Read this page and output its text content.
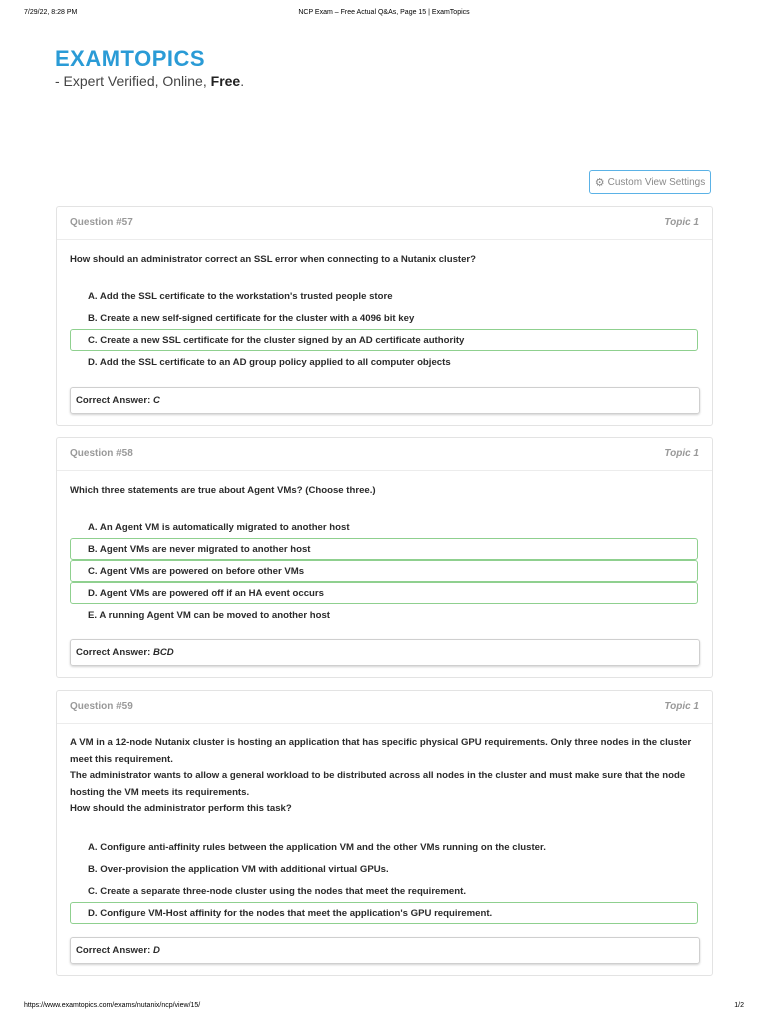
7/29/22, 8:28 PM	NCP Exam – Free Actual Q&As, Page 15 | ExamTopics
EXAMTOPICS
- Expert Verified, Online, Free.
⚙ Custom View Settings
Question #57	Topic 1
How should an administrator correct an SSL error when connecting to a Nutanix cluster?
A. Add the SSL certificate to the workstation's trusted people store
B. Create a new self-signed certificate for the cluster with a 4096 bit key
C. Create a new SSL certificate for the cluster signed by an AD certificate authority
D. Add the SSL certificate to an AD group policy applied to all computer objects
Correct Answer: C
Question #58	Topic 1
Which three statements are true about Agent VMs? (Choose three.)
A. An Agent VM is automatically migrated to another host
B. Agent VMs are never migrated to another host
C. Agent VMs are powered on before other VMs
D. Agent VMs are powered off if an HA event occurs
E. A running Agent VM can be moved to another host
Correct Answer: BCD
Question #59	Topic 1
A VM in a 12-node Nutanix cluster is hosting an application that has specific physical GPU requirements. Only three nodes in the cluster meet this requirement.
The administrator wants to allow a general workload to be distributed across all nodes in the cluster and must make sure that the node hosting the VM meets its requirements.
How should the administrator perform this task?
A. Configure anti-affinity rules between the application VM and the other VMs running on the cluster.
B. Over-provision the application VM with additional virtual GPUs.
C. Create a separate three-node cluster using the nodes that meet the requirement.
D. Configure VM-Host affinity for the nodes that meet the application's GPU requirement.
Correct Answer: D
https://www.examtopics.com/exams/nutanix/ncp/view/15/	1/2
